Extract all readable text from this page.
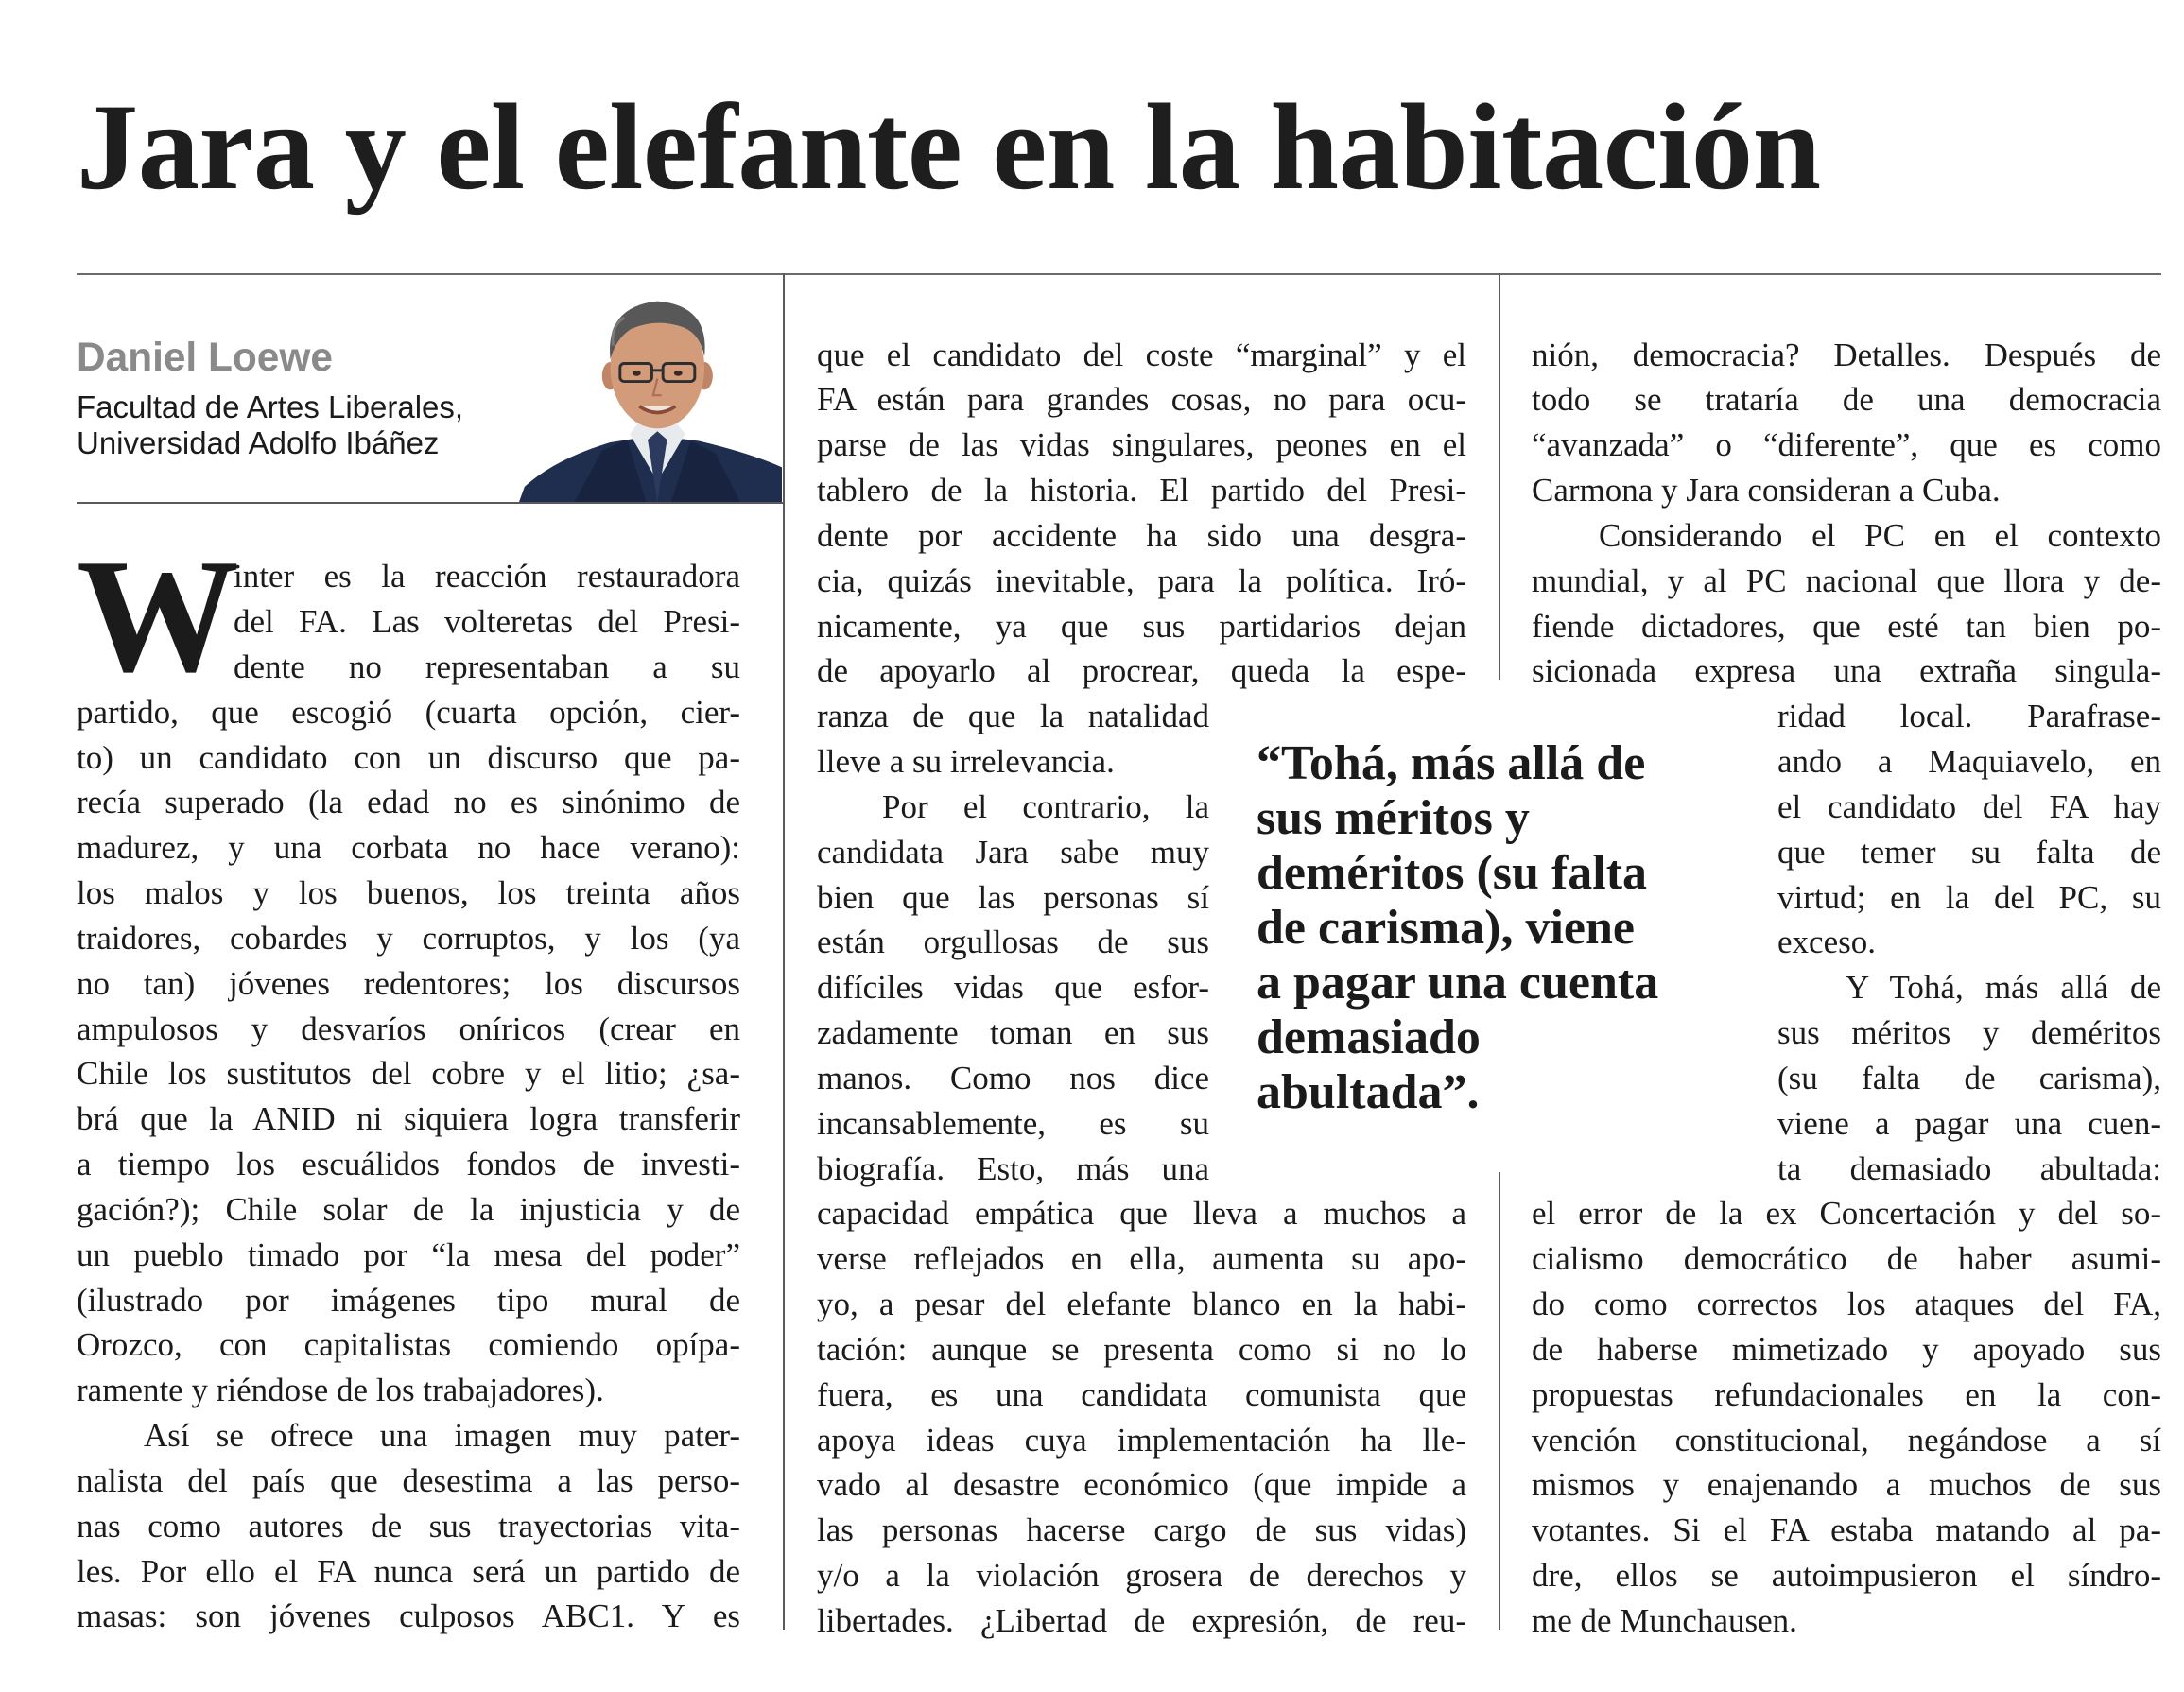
Jara y el elefante en la habitación
Daniel Loewe
Facultad de Artes Liberales,
Universidad Adolfo Ibáñez
W
inter es la reacción restauradora
del FA. Las volteretas del Presi-
dente no representaban a su
partido, que escogió (cuarta opción, cier-
to) un candidato con un discurso que pa-
recía superado (la edad no es sinónimo de
madurez, y una corbata no hace verano):
los malos y los buenos, los treinta años
traidores, cobardes y corruptos, y los (ya
no tan) jóvenes redentores; los discursos
ampulosos y desvaríos oníricos (crear en
Chile los sustitutos del cobre y el litio; ¿sa-
brá que la ANID ni siquiera logra transferir
a tiempo los escuálidos fondos de investi-
gación?); Chile solar de la injusticia y de
un pueblo timado por “la mesa del poder”
(ilustrado por imágenes tipo mural de
Orozco, con capitalistas comiendo opípa-
ramente y riéndose de los trabajadores).
Así se ofrece una imagen muy pater-
nalista del país que desestima a las perso-
nas como autores de sus trayectorias vita-
les. Por ello el FA nunca será un partido de
masas: son jóvenes culposos ABC1. Y es
que el candidato del coste “marginal” y el
FA están para grandes cosas, no para ocu-
parse de las vidas singulares, peones en el
tablero de la historia. El partido del Presi-
dente por accidente ha sido una desgra-
cia, quizás inevitable, para la política. Iró-
nicamente, ya que sus partidarios dejan
de apoyarlo al procrear, queda la espe-
ranza de que la natalidad
lleve a su irrelevancia.
Por el contrario, la
candidata Jara sabe muy
bien que las personas sí
están orgullosas de sus
difíciles vidas que esfor-
zadamente toman en sus
manos. Como nos dice
incansablemente, es su
biografía. Esto, más una
capacidad empática que lleva a muchos a
verse reflejados en ella, aumenta su apo-
yo, a pesar del elefante blanco en la habi-
tación: aunque se presenta como si no lo
fuera, es una candidata comunista que
apoya ideas cuya implementación ha lle-
vado al desastre económico (que impide a
las personas hacerse cargo de sus vidas)
y/o a la violación grosera de derechos y
libertades. ¿Libertad de expresión, de reu-
nión, democracia? Detalles. Después de
todo se trataría de una democracia
“avanzada” o “diferente”, que es como
Carmona y Jara consideran a Cuba.
Considerando el PC en el contexto
mundial, y al PC nacional que llora y de-
fiende dictadores, que esté tan bien po-
sicionada expresa una extraña singula-
ridad local. Parafrase-
ando a Maquiavelo, en
el candidato del FA hay
que temer su falta de
virtud; en la del PC, su
exceso.
Y Tohá, más allá de
sus méritos y deméritos
(su falta de carisma),
viene a pagar una cuen-
ta demasiado abultada:
el error de la ex Concertación y del so-
cialismo democrático de haber asumi-
do como correctos los ataques del FA,
de haberse mimetizado y apoyado sus
propuestas refundacionales en la con-
vención constitucional, negándose a sí
mismos y enajenando a muchos de sus
votantes. Si el FA estaba matando al pa-
dre, ellos se autoimpusieron el síndro-
me de Munchausen.
“Tohá, más allá de
sus méritos y
deméritos (su falta
de carisma), viene
a pagar una cuenta
demasiado
abultada”.
